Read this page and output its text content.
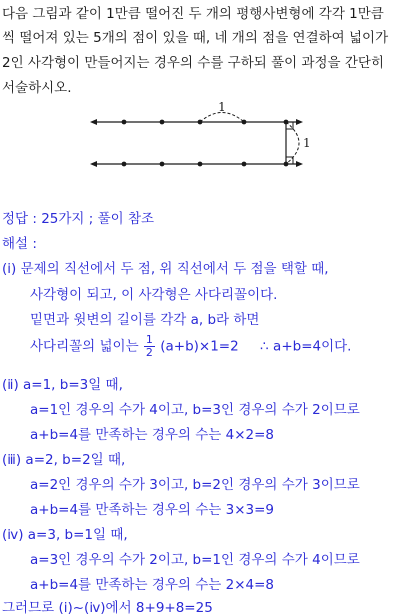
다음 그림과 같이 1만큼 떨어진 두 개의 평행사변형에 각각 1만큼
씩 떨어져 있는 5개의 점이 있을 때, 네 개의 점을 연결하여 넓이가
2인 사각형이 만들어지는 경우의 수를 구하되 풀이 과정을 간단히
서술하시오.
1
1
정답 : 25가지 ; 풀이 참조
해설 :
(ⅰ) 문제의 직선에서 두 점, 위 직선에서 두 점을 택할 때,
사각형이 되고, 이 사각형은 사다리꼴이다.
밑면과 윗변의 길이를 각각 a, b라 하면
사다리꼴의 넓이는 $\frac{1}{2} (a+b)\times 1=2$     ∴ a+b=4이다.
(ⅱ) a=1, b=3일 때,
a=1인 경우의 수가 4이고, b=3인 경우의 수가 2이므로
a+b=4를 만족하는 경우의 수는 4×2=8
(ⅲ) a=2, b=2일 때,
a=2인 경우의 수가 3이고, b=2인 경우의 수가 3이므로
a+b=4를 만족하는 경우의 수는 3×3=9
(ⅳ) a=3, b=1일 때,
a=3인 경우의 수가 2이고, b=1인 경우의 수가 4이므로
a+b=4를 만족하는 경우의 수는 2×4=8
그러므로 (ⅰ)~(ⅳ)에서 8+9+8=25
